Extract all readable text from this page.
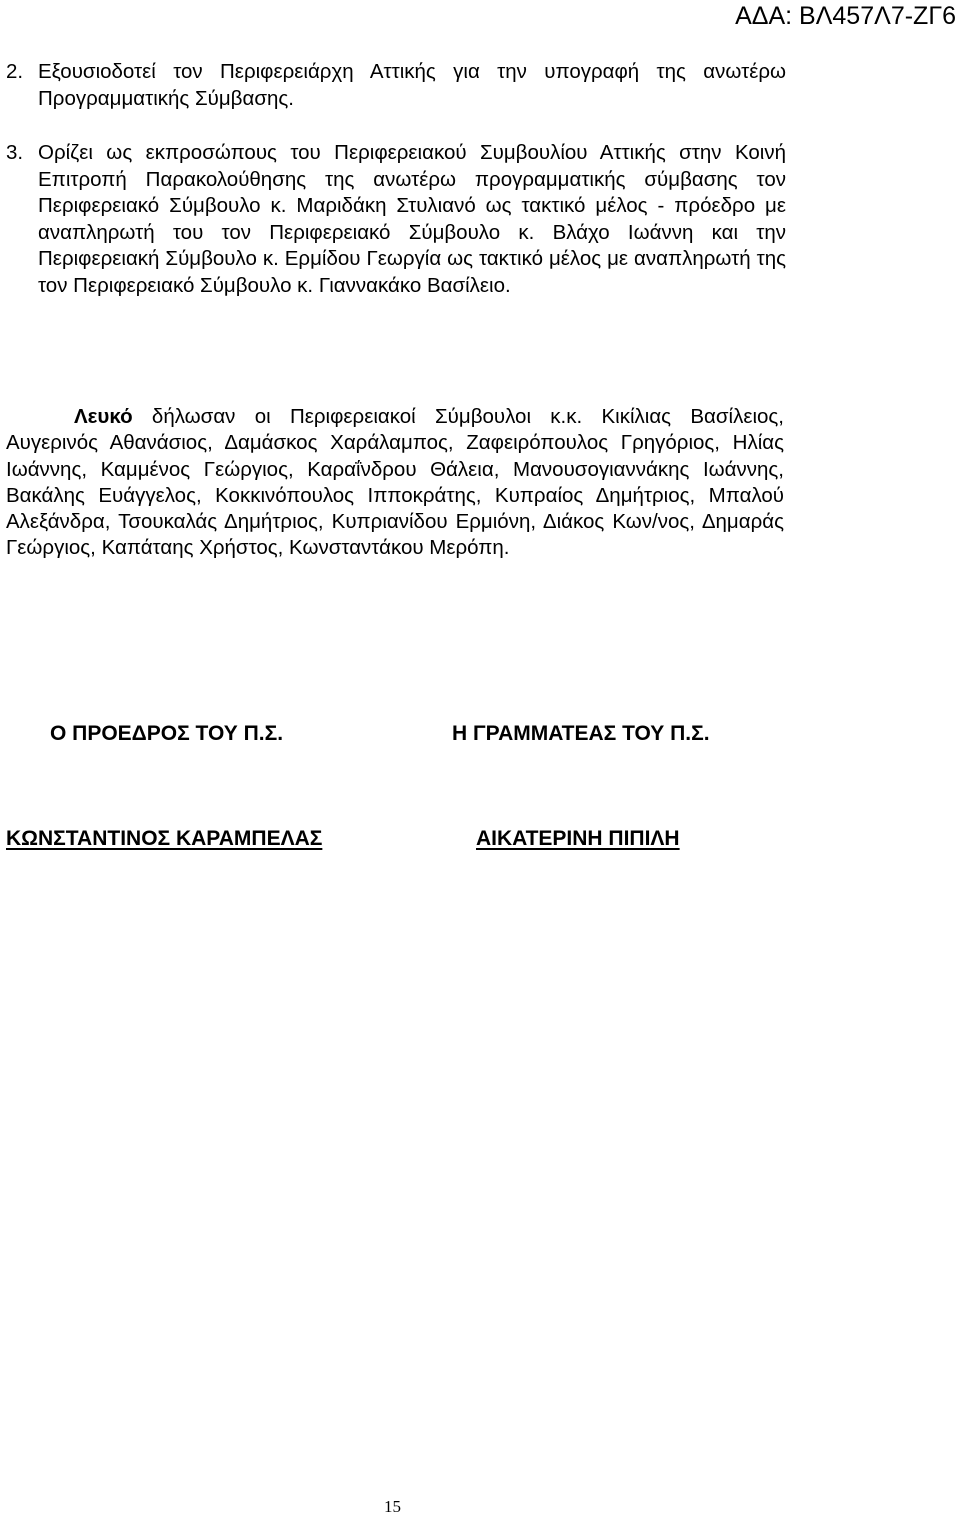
ΑΔΑ: ΒΛ457Λ7-ΖΓ6
2. Εξουσιοδοτεί τον Περιφερειάρχη Αττικής για την υπογραφή της ανωτέρω Προγραμματικής Σύμβασης.
3. Ορίζει ως εκπροσώπους του Περιφερειακού Συμβουλίου Αττικής στην Κοινή Επιτροπή Παρακολούθησης της ανωτέρω προγραμματικής σύμβασης τον Περιφερειακό Σύμβουλο κ. Μαριδάκη Στυλιανό ως τακτικό μέλος - πρόεδρο με αναπληρωτή του τον Περιφερειακό Σύμβουλο κ. Βλάχο Ιωάννη και την Περιφερειακή Σύμβουλο κ. Ερμίδου Γεωργία ως τακτικό μέλος με αναπληρωτή της τον Περιφερειακό Σύμβουλο κ. Γιαννακάκο Βασίλειο.
Λευκό δήλωσαν οι Περιφερειακοί Σύμβουλοι κ.κ. Κικίλιας Βασίλειος, Αυγερινός Αθανάσιος, Δαμάσκος Χαράλαμπος, Ζαφειρόπουλος Γρηγόριος, Ηλίας Ιωάννης, Καμμένος Γεώργιος, Καραΐνδρου Θάλεια, Μανουσογιαννάκης Ιωάννης, Βακάλης Ευάγγελος, Κοκκινόπουλος Ιπποκράτης, Κυπραίος Δημήτριος, Μπαλού Αλεξάνδρα, Τσουκαλάς Δημήτριος, Κυπριανίδου Ερμιόνη, Διάκος Κων/νος, Δημαράς Γεώργιος, Καπάταης Χρήστος, Κωνσταντάκου Μερόπη.
Ο ΠΡΟΕΔΡΟΣ ΤΟΥ Π.Σ.	Η ΓΡΑΜΜΑΤΕΑΣ ΤΟΥ Π.Σ.
ΚΩΝΣΤΑΝΤΙΝΟΣ ΚΑΡΑΜΠΕΛΑΣ	ΑΙΚΑΤΕΡΙΝΗ ΠΙΠΙΛΗ
15
